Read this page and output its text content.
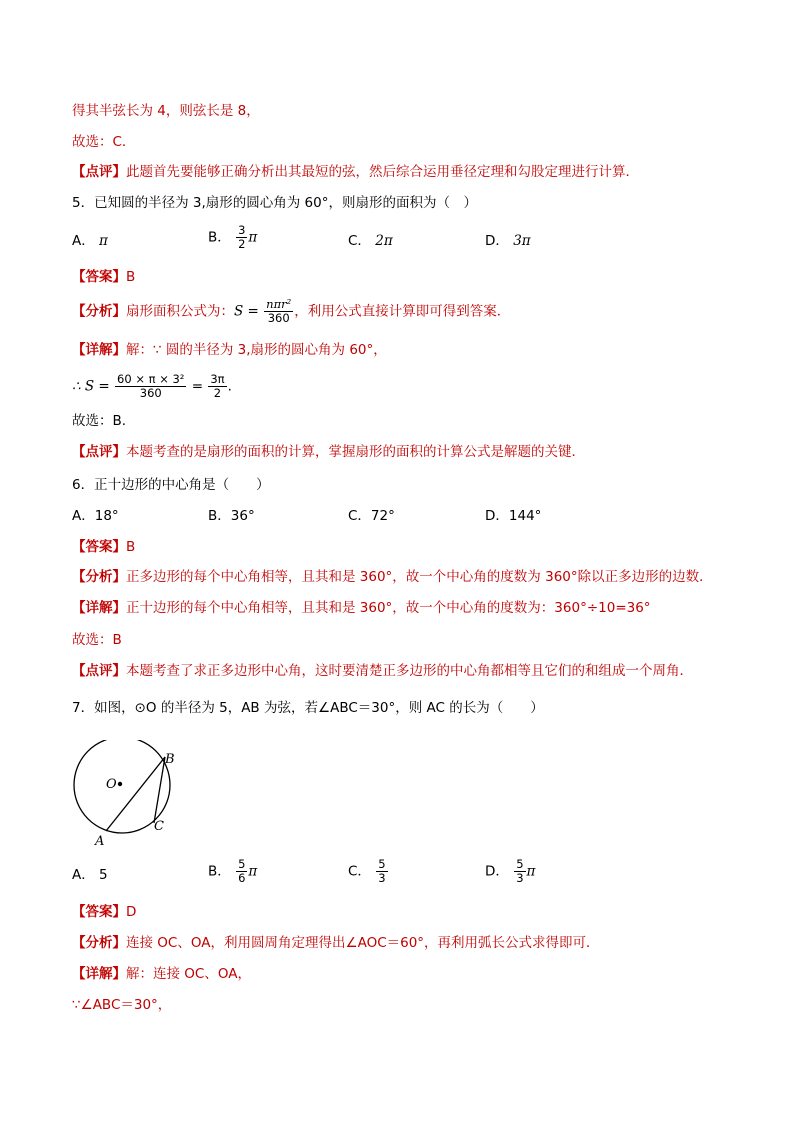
得其半弦长为 4，则弦长是 8，
故选：C．
【点评】此题首先要能够正确分析出其最短的弦，然后综合运用垂径定理和勾股定理进行计算．
5．已知圆的半径为 3,扇形的圆心角为 60°，则扇形的面积为（　）
A． π	B． $\frac{3}{2}$ π	C． 2π	D． 3π
【答案】B
【分析】扇形面积公式为：$S = \frac{\text{nπr²}}{360}$ ，利用公式直接计算即可得到答案．
【详解】解：∵ 圆的半径为 3,扇形的圆心角为 60°，
∴ $S = \frac{\text{60 × π × 3²}}{360} = \frac{3\pi}{2}$ .
故选：B.
【点评】本题考查的是扇形的面积的计算，掌握扇形的面积的计算公式是解题的关键．
6．正十边形的中心角是（　　）
A．18°	B．36°	C．72°	D．144°
【答案】B
【分析】正多边形的每个中心角相等，且其和是 360°，故一个中心角的度数为 360°除以正多边形的边数．
【详解】正十边形的每个中心角相等，且其和是 360°，故一个中心角的度数为：360°÷10=36°
故选：B
【点评】本题考查了求正多边形中心角，这时要清楚正多边形的中心角都相等且它们的和组成一个周角．
7．如图，⊙O 的半径为 5，AB 为弦，若∠ABC＝30°，则 AC 的长为（　　）
O
A
B
C
A． 5	B． $\frac{5}{6}$ π	C． $\frac{5}{3}$	D． $\frac{5}{3}$ π
【答案】D
【分析】连接 OC、OA，利用圆周角定理得出∠AOC＝60°，再利用弧长公式求得即可．
【详解】解：连接 OC、OA，
∵∠ABC＝30°，
